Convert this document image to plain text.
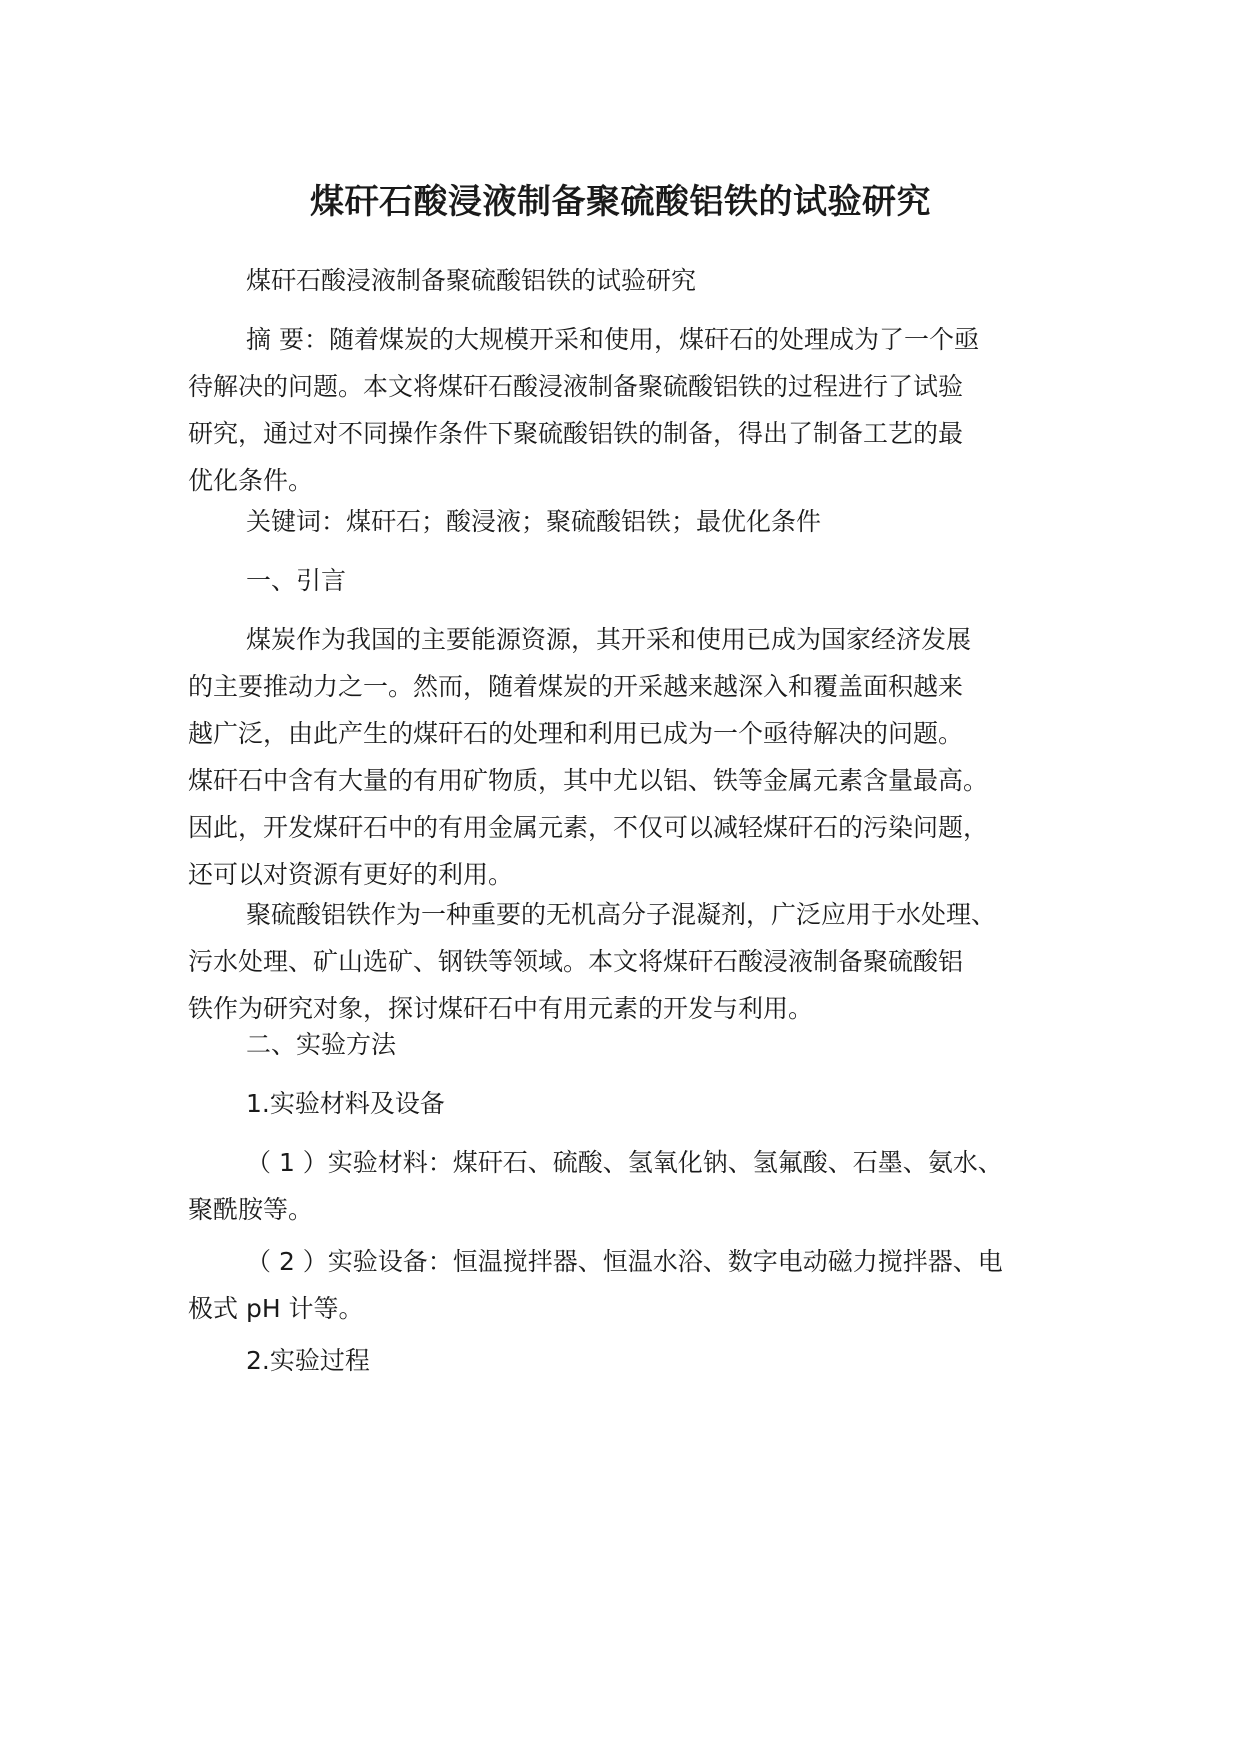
煤矸石酸浸液制备聚硫酸铝铁的试验研究
煤矸石酸浸液制备聚硫酸铝铁的试验研究
摘 要：随着煤炭的大规模开采和使用，煤矸石的处理成为了一个亟
待解决的问题。本文将煤矸石酸浸液制备聚硫酸铝铁的过程进行了试验
研究，通过对不同操作条件下聚硫酸铝铁的制备，得出了制备工艺的最
优化条件。
关键词：煤矸石；酸浸液；聚硫酸铝铁；最优化条件
一、引言
煤炭作为我国的主要能源资源，其开采和使用已成为国家经济发展
的主要推动力之一。然而，随着煤炭的开采越来越深入和覆盖面积越来
越广泛，由此产生的煤矸石的处理和利用已成为一个亟待解决的问题。
煤矸石中含有大量的有用矿物质，其中尤以铝、铁等金属元素含量最高。
因此，开发煤矸石中的有用金属元素，不仅可以减轻煤矸石的污染问题，
还可以对资源有更好的利用。
聚硫酸铝铁作为一种重要的无机高分子混凝剂，广泛应用于水处理、
污水处理、矿山选矿、钢铁等领域。本文将煤矸石酸浸液制备聚硫酸铝
铁作为研究对象，探讨煤矸石中有用元素的开发与利用。
二、实验方法
1.实验材料及设备
（ 1 ）实验材料：煤矸石、硫酸、氢氧化钠、氢氟酸、石墨、氨水、
聚酰胺等。
（ 2 ）实验设备：恒温搅拌器、恒温水浴、数字电动磁力搅拌器、电
极式 pH 计等。
2.实验过程
